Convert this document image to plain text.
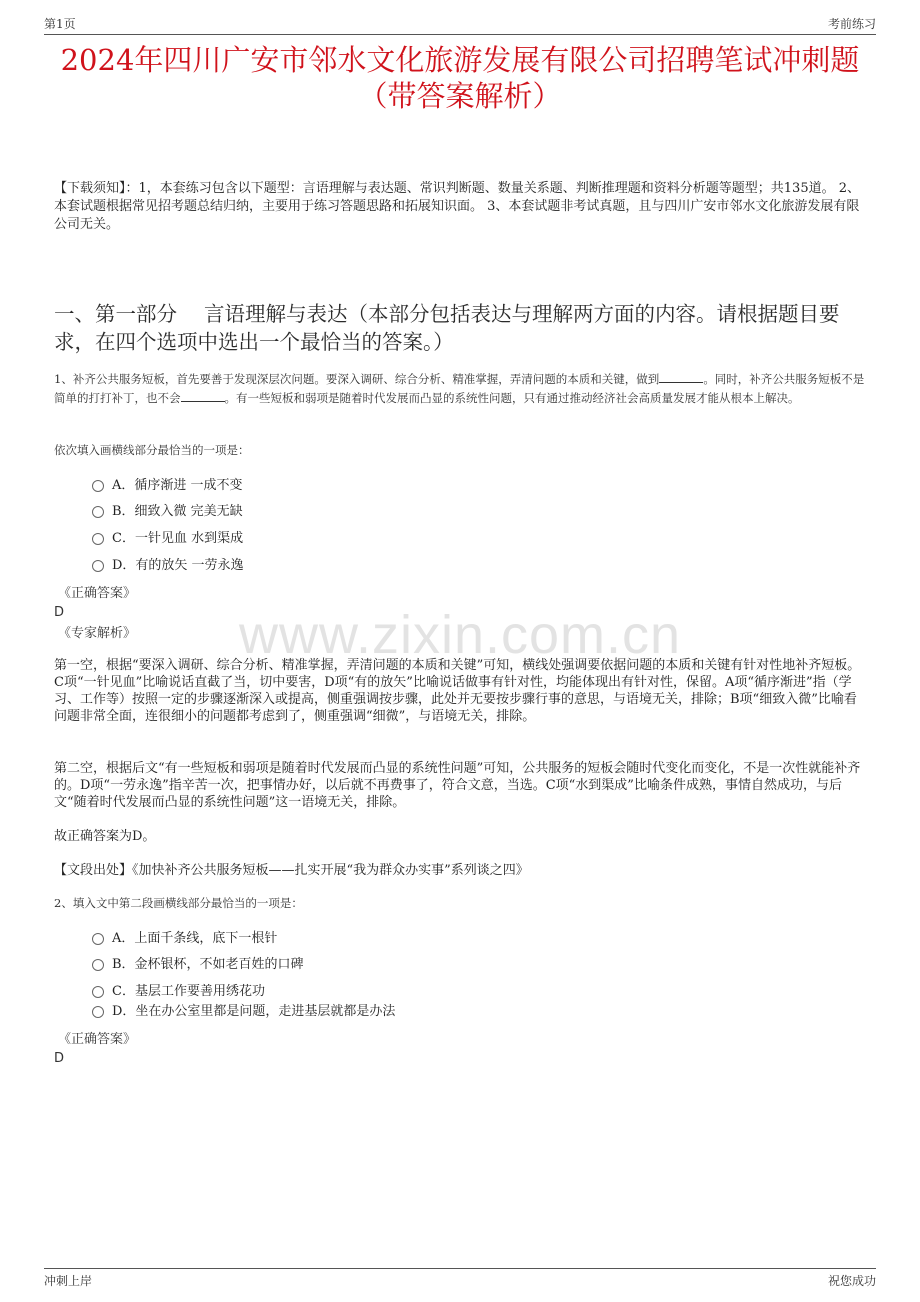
第1页	考前练习
www.zixin.com.cn
2024年四川广安市邻水文化旅游发展有限公司招聘笔试冲刺题（带答案解析）
【下载须知】：1，本套练习包含以下题型：言语理解与表达题、常识判断题、数量关系题、判断推理题和资料分析题等题型；共135道。 2、本套试题根据常见招考题总结归纳，主要用于练习答题思路和拓展知识面。 3、本套试题非考试真题，且与四川广安市邻水文化旅游发展有限公司无关。
一、第一部分　 言语理解与表达（本部分包括表达与理解两方面的内容。请根据题目要求，在四个选项中选出一个最恰当的答案。）
1、补齐公共服务短板，首先要善于发现深层次问题。要深入调研、综合分析、精准掌握，弄清问题的本质和关键，做到	。同时，补齐公共服务短板不是简单的打打补丁，也不会	。有一些短板和弱项是随着时代发展而凸显的系统性问题，只有通过推动经济社会高质量发展才能从根本上解决。
依次填入画横线部分最恰当的一项是：
A．循序渐进 一成不变
B．细致入微 完美无缺
C．一针见血 水到渠成
D．有的放矢 一劳永逸
《正确答案》
D
《专家解析》
第一空，根据“要深入调研、综合分析、精准掌握，弄清问题的本质和关键”可知，横线处强调要依据问题的本质和关键有针对性地补齐短板。C项“一针见血”比喻说话直截了当，切中要害，D项“有的放矢”比喻说话做事有针对性，均能体现出有针对性，保留。A项“循序渐进”指（学习、工作等）按照一定的步骤逐渐深入或提高，侧重强调按步骤，此处并无要按步骤行事的意思，与语境无关，排除；B项“细致入微”比喻看问题非常全面，连很细小的问题都考虑到了，侧重强调“细微”，与语境无关，排除。
第二空，根据后文“有一些短板和弱项是随着时代发展而凸显的系统性问题”可知，公共服务的短板会随时代变化而变化，不是一次性就能补齐的。D项“一劳永逸”指辛苦一次，把事情办好，以后就不再费事了，符合文意，当选。C项“水到渠成”比喻条件成熟，事情自然成功，与后文“随着时代发展而凸显的系统性问题”这一语境无关，排除。
故正确答案为D。
【文段出处】《加快补齐公共服务短板——扎实开展“我为群众办实事”系列谈之四》
2、填入文中第二段画横线部分最恰当的一项是：
A．上面千条线，底下一根针
B．金杯银杯，不如老百姓的口碑
C．基层工作要善用绣花功
D．坐在办公室里都是问题，走进基层就都是办法
《正确答案》
D
冲刺上岸	祝您成功
